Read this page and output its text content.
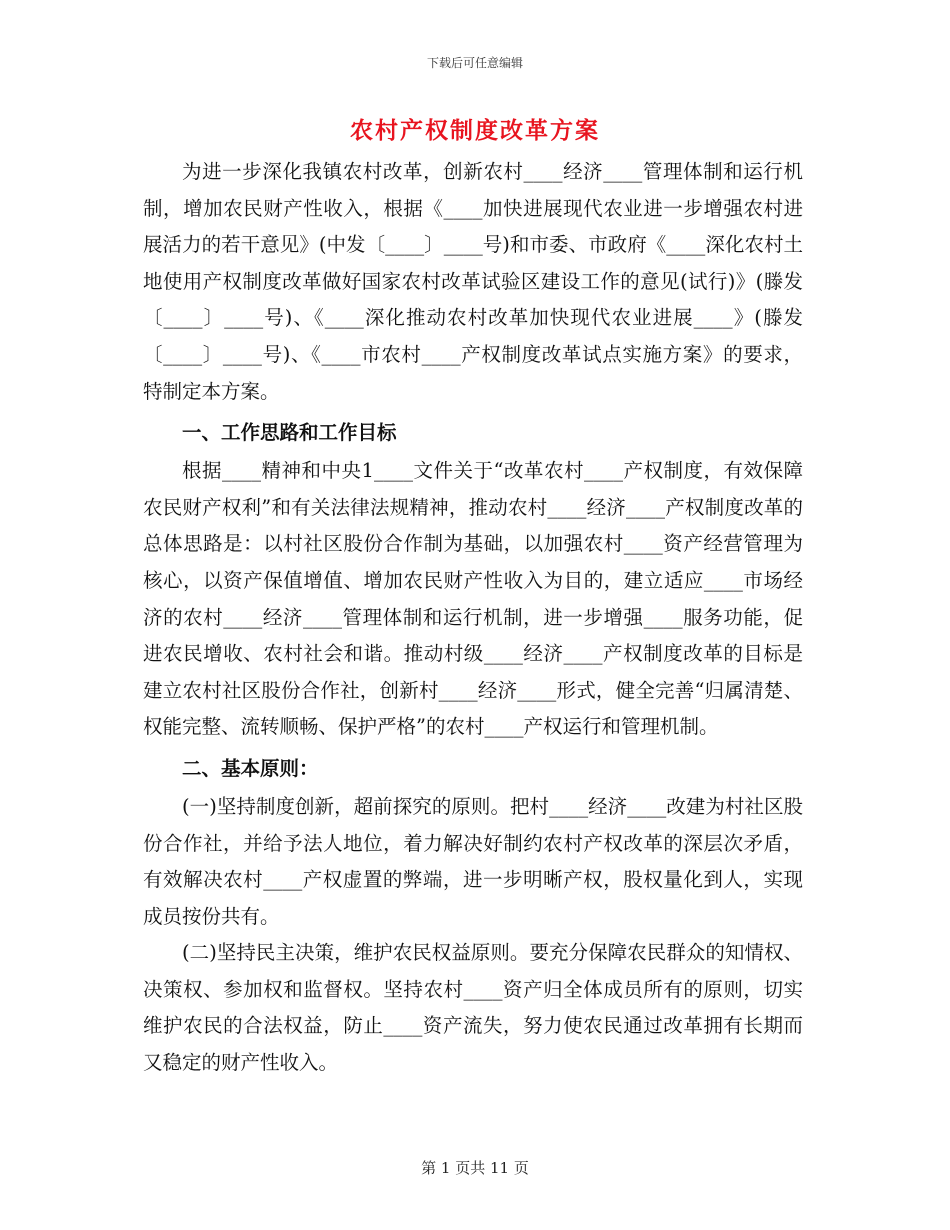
下载后可任意编辑
农村产权制度改革方案

为进一步深化我镇农村改革，创新农村____经济____管理体制和运行机制，增加农民财产性收入，根据《____加快进展现代农业进一步增强农村进展活力的若干意见》(中发〔____〕____号)和市委、市政府《____深化农村土地使用产权制度改革做好国家农村改革试验区建设工作的意见(试行)》(滕发〔____〕____号)、《____深化推动农村改革加快现代农业进展____》(滕发〔____〕____号)、《____市农村____产权制度改革试点实施方案》的要求，特制定本方案。

一、工作思路和工作目标

根据____精神和中央1____文件关于“改革农村____产权制度，有效保障农民财产权利”和有关法律法规精神，推动农村____经济____产权制度改革的总体思路是：以村社区股份合作制为基础，以加强农村____资产经营管理为核心，以资产保值增值、增加农民财产性收入为目的，建立适应____市场经济的农村____经济____管理体制和运行机制，进一步增强____服务功能，促进农民增收、农村社会和谐。推动村级____经济____产权制度改革的目标是建立农村社区股份合作社，创新村____经济____形式，健全完善“归属清楚、权能完整、流转顺畅、保护严格”的农村____产权运行和管理机制。

二、基本原则：

(一)坚持制度创新，超前探究的原则。把村____经济____改建为村社区股份合作社，并给予法人地位，着力解决好制约农村产权改革的深层次矛盾，有效解决农村____产权虚置的弊端，进一步明晰产权，股权量化到人，实现成员按份共有。

(二)坚持民主决策，维护农民权益原则。要充分保障农民群众的知情权、决策权、参加权和监督权。坚持农村____资产归全体成员所有的原则，切实维护农民的合法权益，防止____资产流失，努力使农民通过改革拥有长期而又稳定的财产性收入。

第 1 页共 11 页
